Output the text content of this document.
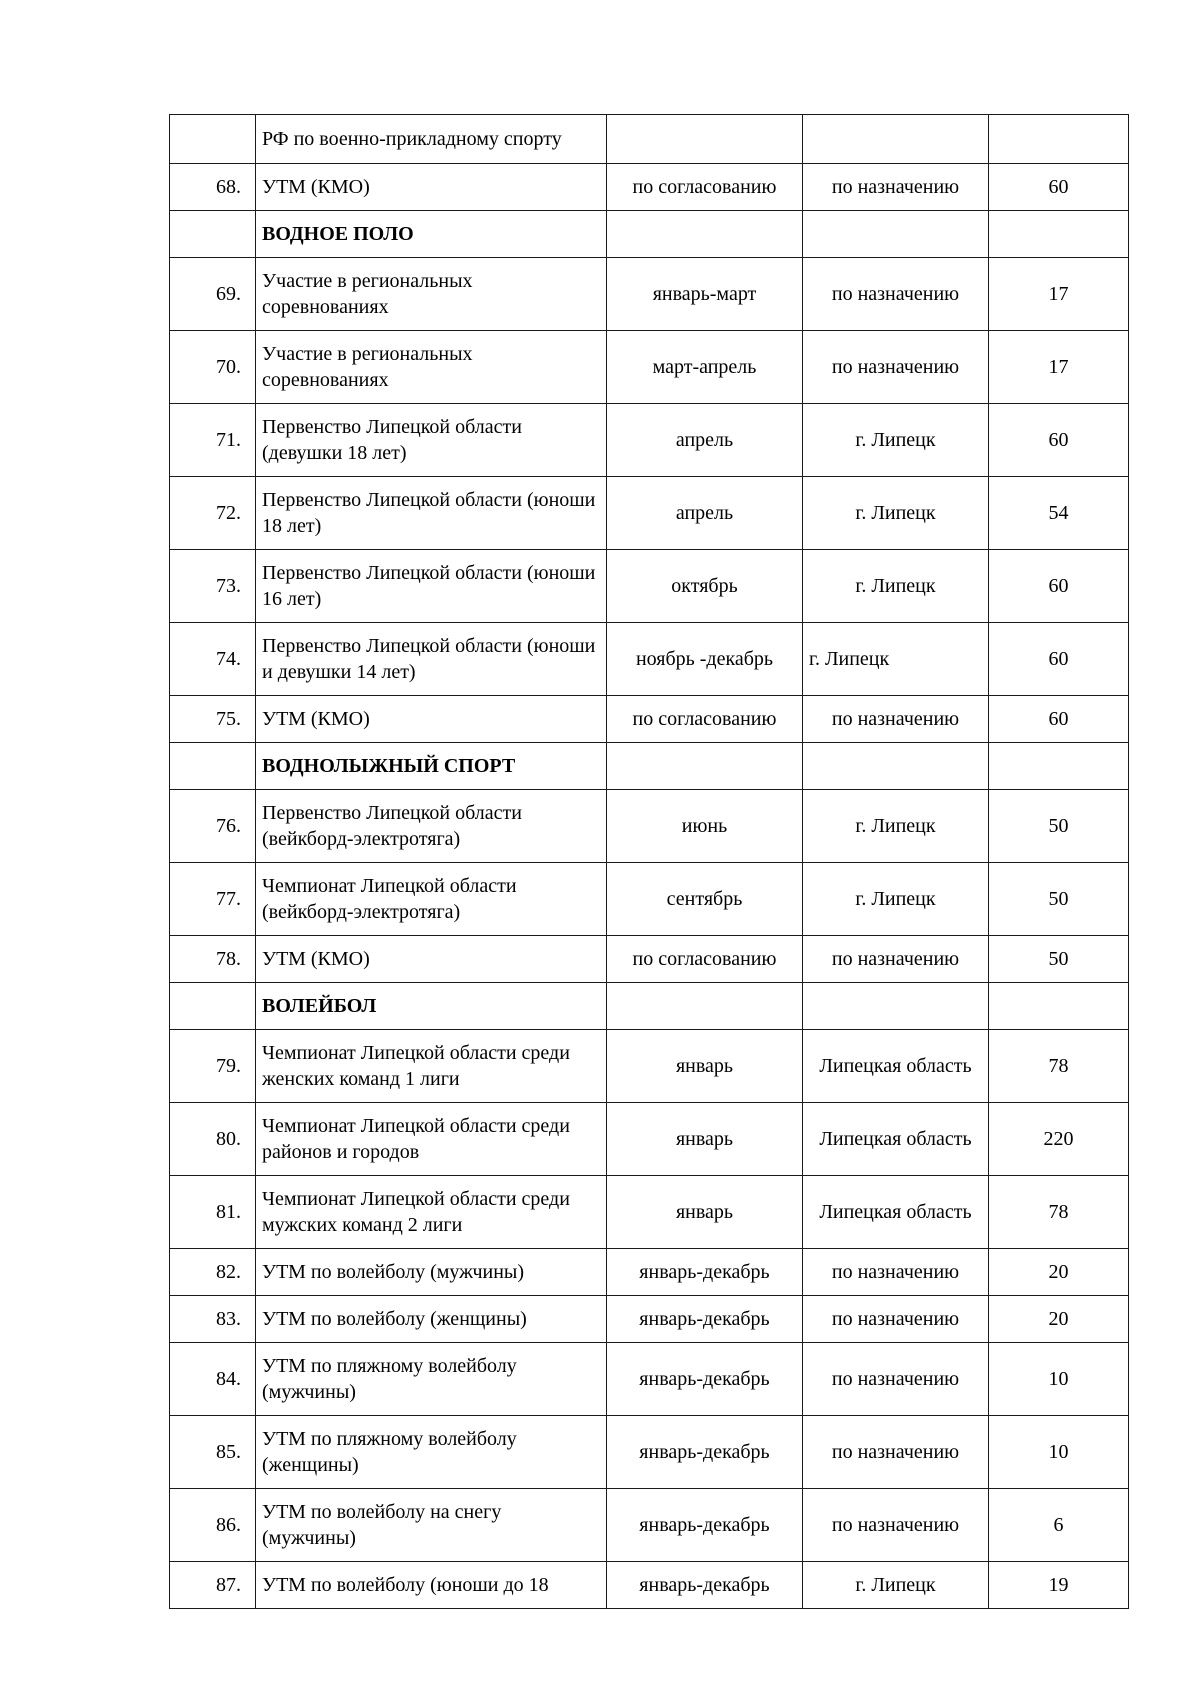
	РФ по военно-прикладному спорту			
68.	УТМ (КМО)	по согласованию	по назначению	60
	ВОДНОЕ ПОЛО			
69.	Участие в региональных соревнованиях	январь-март	по назначению	17
70.	Участие в региональных соревнованиях	март-апрель	по назначению	17
71.	Первенство Липецкой области (девушки 18 лет)	апрель	г. Липецк	60
72.	Первенство Липецкой области (юноши 18 лет)	апрель	г. Липецк	54
73.	Первенство Липецкой области (юноши 16 лет)	октябрь	г. Липецк	60
74.	Первенство Липецкой области (юноши и девушки 14 лет)	ноябрь -декабрь	г. Липецк	60
75.	УТМ (КМО)	по согласованию	по назначению	60
	ВОДНОЛЫЖНЫЙ СПОРТ			
76.	Первенство Липецкой области (вейкборд-электротяга)	июнь	г. Липецк	50
77.	Чемпионат Липецкой области (вейкборд-электротяга)	сентябрь	г. Липецк	50
78.	УТМ (КМО)	по согласованию	по назначению	50
	ВОЛЕЙБОЛ			
79.	Чемпионат Липецкой области среди женских команд 1 лиги	январь	Липецкая область	78
80.	Чемпионат Липецкой области среди районов и городов	январь	Липецкая область	220
81.	Чемпионат Липецкой области среди мужских команд 2 лиги	январь	Липецкая область	78
82.	УТМ по волейболу (мужчины)	январь-декабрь	по назначению	20
83.	УТМ по волейболу (женщины)	январь-декабрь	по назначению	20
84.	УТМ по пляжному волейболу (мужчины)	январь-декабрь	по назначению	10
85.	УТМ по пляжному волейболу (женщины)	январь-декабрь	по назначению	10
86.	УТМ по волейболу на снегу (мужчины)	январь-декабрь	по назначению	6
87.	УТМ по волейболу (юноши до 18	январь-декабрь	г. Липецк	19
